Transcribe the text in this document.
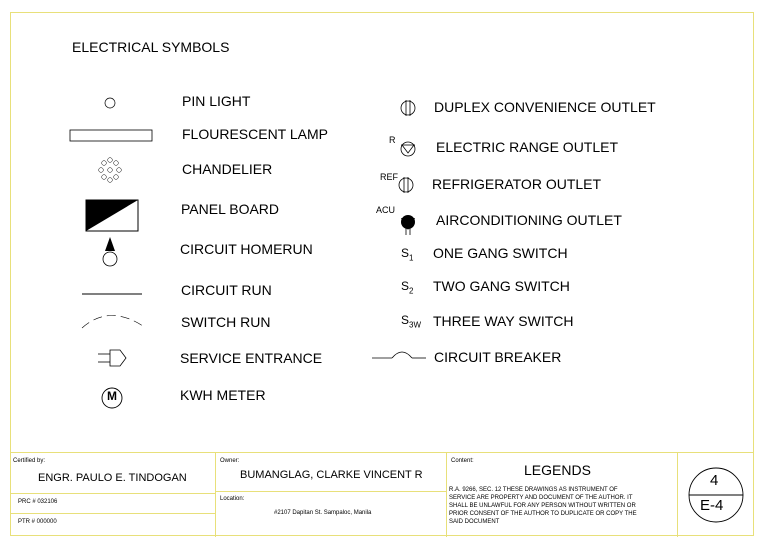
ELECTRICAL SYMBOLS
M
PIN LIGHT
FLOURESCENT LAMP
CHANDELIER
PANEL BOARD
CIRCUIT HOMERUN
CIRCUIT RUN
SWITCH RUN
SERVICE ENTRANCE
KWH METER
R
REF
ACU
$S_1$
$S_2$
$S_{3W}$
DUPLEX CONVENIENCE OUTLET
ELECTRIC RANGE OUTLET
REFRIGERATOR OUTLET
AIRCONDITIONING OUTLET
ONE GANG SWITCH
TWO GANG SWITCH
THREE WAY SWITCH
CIRCUIT BREAKER
Certified by:
ENGR. PAULO E. TINDOGAN
PRC # 032106
PTR # 000000
Owner:
BUMANGLAG, CLARKE VINCENT R
Location:
#2107 Dapitan St. Sampaloc, Manila
Content:
LEGENDS
R.A. 9266, SEC. 12 THESE DRAWINGS AS INSTRUMENT OF
SERVICE ARE PROPERTY AND DOCUMENT OF THE AUTHOR. IT
SHALL BE UNLAWFUL FOR ANY PERSON WITHOUT WRITTEN OR
PRIOR CONSENT OF THE AUTHOR TO DUPLICATE OR COPY THE
SAID DOCUMENT
4
E-4
